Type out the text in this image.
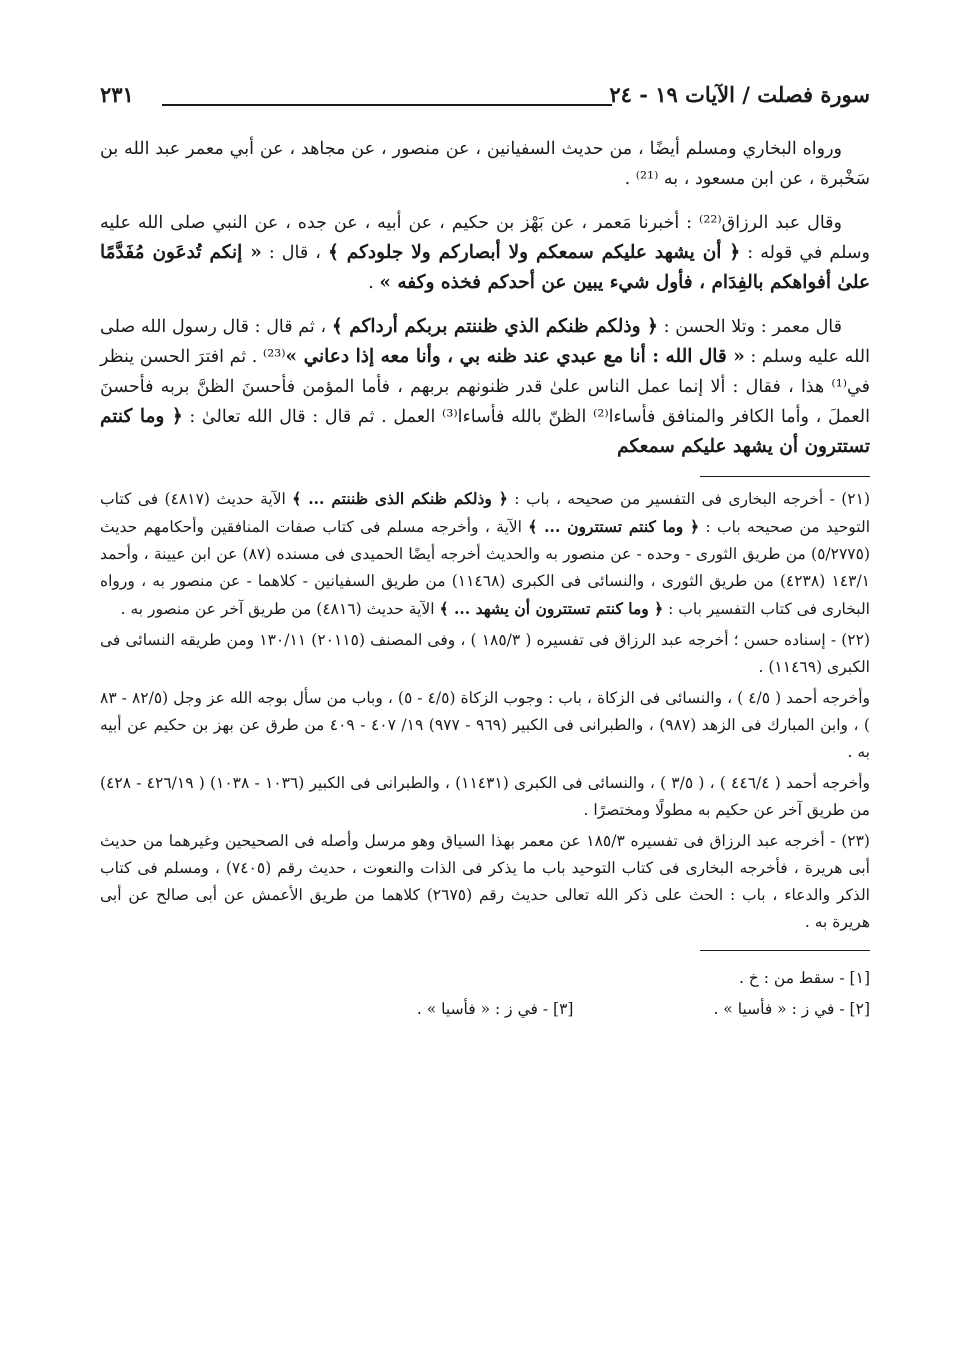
سورة فصلت / الآيات ١٩ - ٢٤
٢٣١

ورواه البخاري ومسلم أيضًا ، من حديث السفيانين ، عن منصور ، عن مجاهد ، عن أبي معمر عبد الله بن سَخْبرة ، عن ابن مسعود ، به ⁽²¹⁾ .

وقال عبد الرزاق⁽²²⁾ : أخبرنا مَعمر ، عن بَهْز بن حكيم ، عن أبيه ، عن جده ، عن النبي صلى الله عليه وسلم في قوله : ﴿ أن يشهد عليكم سمعكم ولا أبصاركم ولا جلودكم ﴾ ، قال : « إنكم تُدعَون مُفَدَّمًا علىٰ أفواهكم بالفِدَام ، فأول شيء يبين عن أحدكم فخذه وكفه » .

قال معمر : وتلا الحسن : ﴿ وذلكم ظنكم الذي ظننتم بربكم أرداكم ﴾ ، ثم قال : قال رسول الله صلى الله عليه وسلم : « قال الله : أنا مع عبدي عند ظنه بي ، وأنا معه إذا دعاني »⁽²³⁾ . ثم افترَ الحسن ينظر في⁽¹⁾ هذا ، فقال : ألا إنما عمل الناس علىٰ قدر ظنونهم بربهم ، فأما المؤمن فأحسنَ الظنَّ بربه فأحسنَ العملَ ، وأما الكافر والمنافق فأساءا⁽²⁾ الظنّ بالله فأساءا⁽³⁾ العمل . ثم قال : قال الله تعالىٰ : ﴿ وما كنتم تستترون أن يشهد عليكم سمعكم

(٢١) - أخرجه البخارى فى التفسير من صحيحه ، باب : ﴿ وذلكم ظنكم الذى ظننتم ... ﴾ الآية حديث (٤٨١٧) فى كتاب التوحيد من صحيحه باب : ﴿ وما كنتم تستترون ... ﴾ الآية ، وأخرجه مسلم فى كتاب صفات المنافقين وأحكامهم حديث (٥/٢٧٧٥) من طريق الثورى - وحده - عن منصور به والحديث أخرجه أيضًا الحميدى فى مسنده (٨٧) عن ابن عيينة ، وأحمد ١٤٣/١ (٤٢٣٨) من طريق الثورى ، والنسائى فى الكبرى (١١٤٦٨) من طريق السفيانين - كلاهما - عن منصور به ، ورواه البخارى فى كتاب التفسير باب : ﴿ وما كنتم تستترون أن يشهد ... ﴾ الآية حديث (٤٨١٦) من طريق آخر عن منصور به .

(٢٢) - إسناده حسن ؛ أخرجه عبد الرزاق فى تفسيره ( ١٨٥/٣ ) ، وفى المصنف (٢٠١١٥) ١٣٠/١١ ومن طريقه النسائى فى الكبرى (١١٤٦٩) .

وأخرجه أحمد ( ٤/٥ ) ، والنسائى فى الزكاة ، باب : وجوب الزكاة (٤/٥ - ٥) ، وباب من سأل بوجه الله عز وجل (٨٢/٥ - ٨٣ ) ، وابن المبارك فى الزهد (٩٨٧) ، والطبرانى فى الكبير (٩٦٩ - ٩٧٧) ١٩/ ٤٠٧ - ٤٠٩ من طرق عن بهز بن حكيم عن أبيه به .

وأخرجه أحمد ( ٤٤٦/٤ ) ، ( ٣/٥ ) ، والنسائى فى الكبرى (١١٤٣١) ، والطبرانى فى الكبير (١٠٣٦ - ١٠٣٨) ( ٤٢٦/١٩ - ٤٢٨) من طريق آخر عن حكيم به مطولًا ومختصرًا .

(٢٣) - أخرجه عبد الرزاق فى تفسيره ١٨٥/٣ عن معمر بهذا السياق وهو مرسل وأصله فى الصحيحين وغيرهما من حديث أبى هريرة ، فأخرجه البخارى فى كتاب التوحيد باب ما يذكر فى الذات والنعوت ، حديث رقم (٧٤٠٥) ، ومسلم فى كتاب الذكر والدعاء ، باب : الحث على ذكر الله تعالى حديث رقم (٢٦٧٥) كلاهما من طريق الأعمش عن أبى صالح عن أبى هريرة به .

[١] - سقط من : خ .
[٢] - في ز : « فأسيا » .
[٣] - في ز : « فأسيا » .
